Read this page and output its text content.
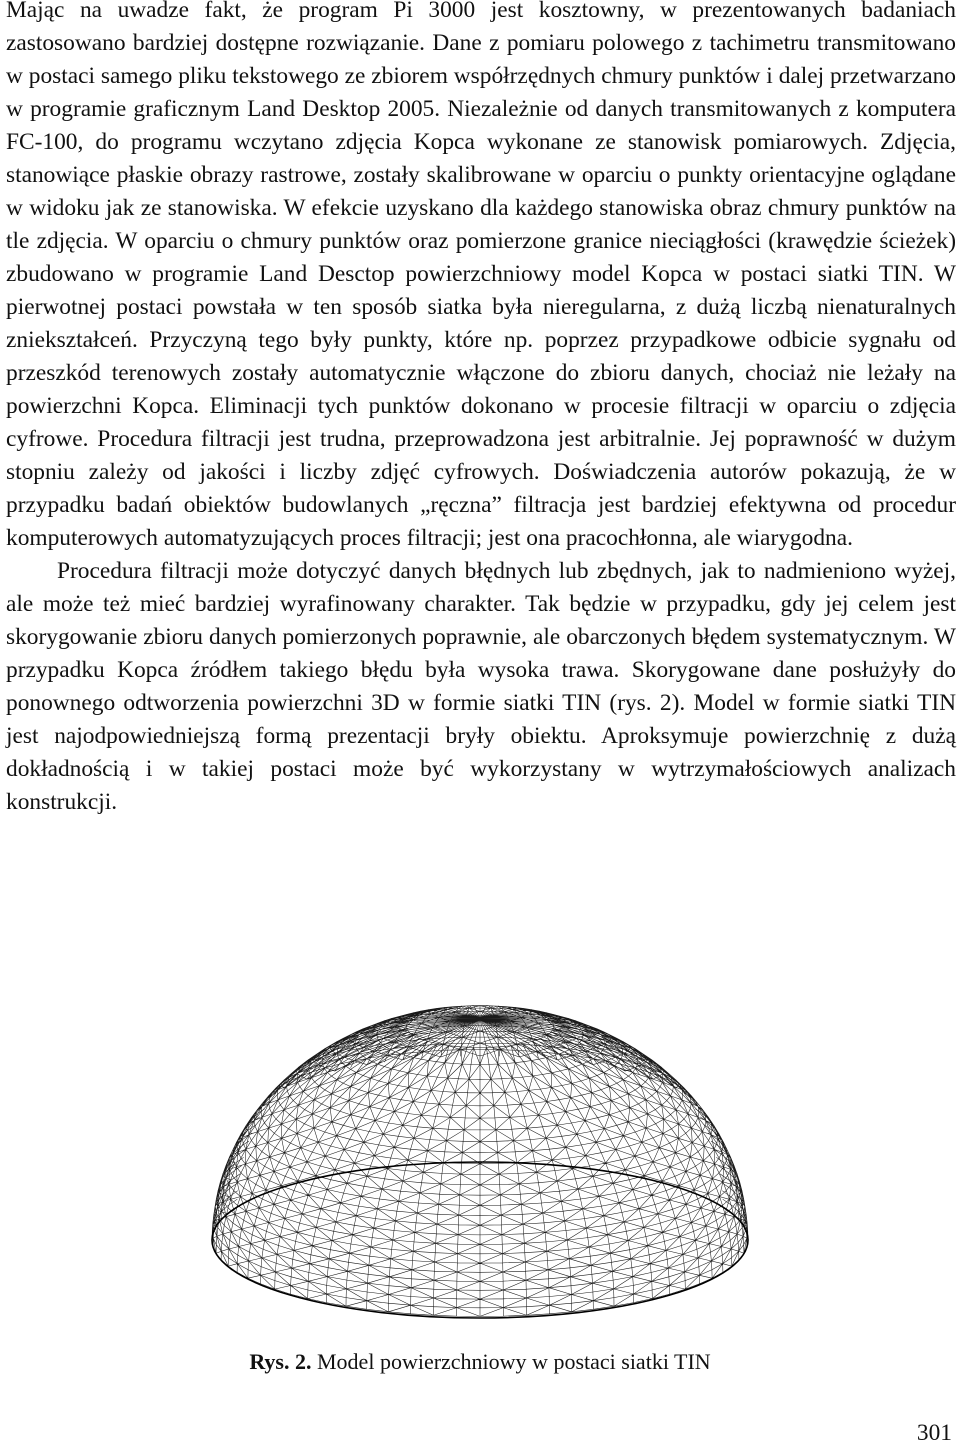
Mając na uwadze fakt, że program Pi 3000 jest kosztowny, w prezentowanych badaniach zastosowano bardziej dostępne rozwiązanie. Dane z pomiaru polowego z tachimetru transmitowano w postaci samego pliku tekstowego ze zbiorem współrzędnych chmury punktów i dalej przetwarzano w programie graficznym Land Desktop 2005. Niezależnie od danych transmitowanych z komputera FC-100, do programu wczytano zdjęcia Kopca wykonane ze stanowisk pomiarowych. Zdjęcia, stanowiące płaskie obrazy rastrowe, zostały skalibrowane w oparciu o punkty orientacyjne oglądane w widoku jak ze stanowiska. W efekcie uzyskano dla każdego stanowiska obraz chmury punktów na tle zdjęcia. W oparciu o chmury punktów oraz pomierzone granice nieciągłości (krawędzie ścieżek) zbudowano w programie Land Desctop powierzchniowy model Kopca w postaci siatki TIN. W pierwotnej postaci powstała w ten sposób siatka była nieregularna, z dużą liczbą nienaturalnych zniekształceń. Przyczyną tego były punkty, które np. poprzez przypadkowe odbicie sygnału od przeszkód terenowych zostały automatycznie włączone do zbioru danych, chociaż nie leżały na powierzchni Kopca. Eliminacji tych punktów dokonano w procesie filtracji w oparciu o zdjęcia cyfrowe. Procedura filtracji jest trudna, przeprowadzona jest arbitralnie. Jej poprawność w dużym stopniu zależy od jakości i liczby zdjęć cyfrowych. Doświadczenia autorów pokazują, że w przypadku badań obiektów budowlanych „ręczna” filtracja jest bardziej efektywna od procedur komputerowych automatyzujących proces filtracji; jest ona pracochłonna, ale wiarygodna.

Procedura filtracji może dotyczyć danych błędnych lub zbędnych, jak to nadmieniono wyżej, ale może też mieć bardziej wyrafinowany charakter. Tak będzie w przypadku, gdy jej celem jest skorygowanie zbioru danych pomierzonych poprawnie, ale obarczonych błędem systematycznym. W przypadku Kopca źródłem takiego błędu była wysoka trawa. Skorygowane dane posłużyły do ponownego odtworzenia powierzchni 3D w formie siatki TIN (rys. 2). Model w formie siatki TIN jest najodpowiedniejszą formą prezentacji bryły obiektu. Aproksymuje powierzchnię z dużą dokładnością i w takiej postaci może być wykorzystany w wytrzymałościowych analizach konstrukcji.

Rys. 2. Model powierzchniowy w postaci siatki TIN
301
